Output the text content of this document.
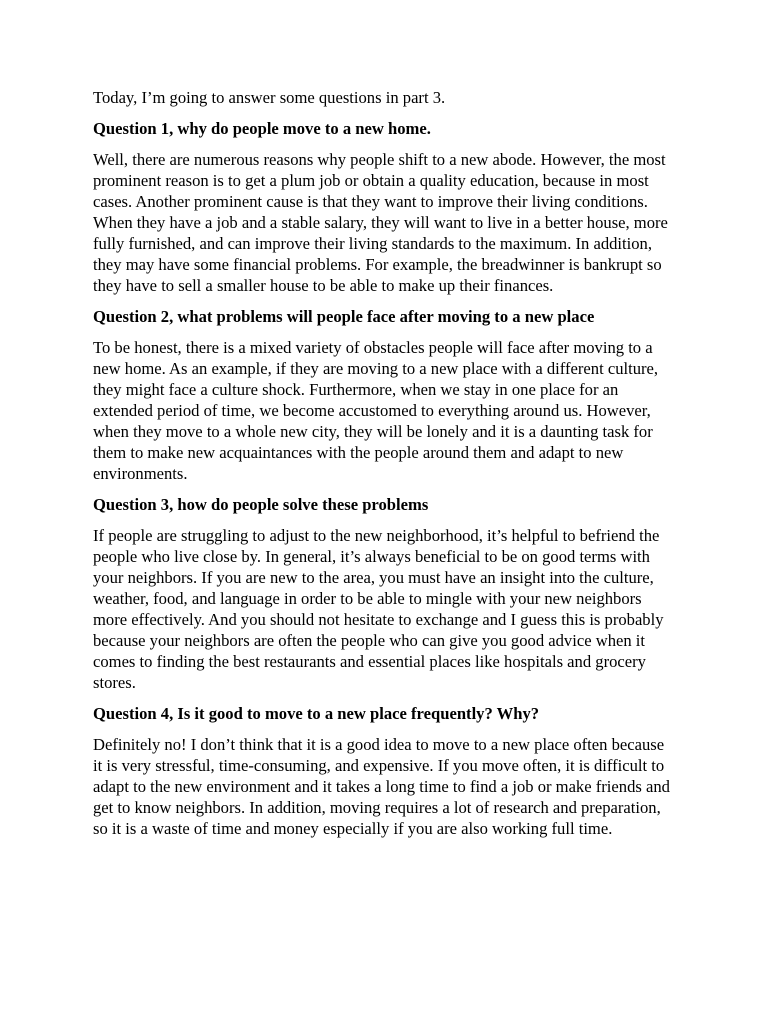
Today, I’m going to answer some questions in part 3.

Question 1, why do people move to a new home.

Well, there are numerous reasons why people shift to a new abode. However, the most prominent reason is to get a plum job or obtain a quality education, because in most cases. Another prominent cause is that they want to improve their living conditions. When they have a job and a stable salary, they will want to live in a better house, more fully furnished, and can improve their living standards to the maximum. In addition, they may have some financial problems. For example, the breadwinner is bankrupt so they have to sell a smaller house to be able to make up their finances.

Question 2, what problems will people face after moving to a new place

To be honest, there is a mixed variety of obstacles people will face after moving to a new home. As an example, if they are moving to a new place with a different culture, they might face a culture shock. Furthermore, when we stay in one place for an extended period of time, we become accustomed to everything around us. However, when they move to a whole new city, they will be lonely and it is a daunting task for them to make new acquaintances with the people around them and adapt to new environments.

Question 3, how do people solve these problems

If people are struggling to adjust to the new neighborhood, it’s helpful to befriend the people who live close by. In general, it’s always beneficial to be on good terms with your neighbors. If you are new to the area, you must have an insight into the culture, weather, food, and language in order to be able to mingle with your new neighbors more effectively. And you should not hesitate to exchange and I guess this is probably because your neighbors are often the people who can give you good advice when it comes to finding the best restaurants and essential places like hospitals and grocery stores.

Question 4, Is it good to move to a new place frequently? Why?

Definitely no! I don’t think that it is a good idea to move to a new place often because it is very stressful, time-consuming, and expensive. If you move often, it is difficult to adapt to the new environment and it takes a long time to find a job or make friends and get to know neighbors. In addition, moving requires a lot of research and preparation, so it is a waste of time and money especially if you are also working full time.
